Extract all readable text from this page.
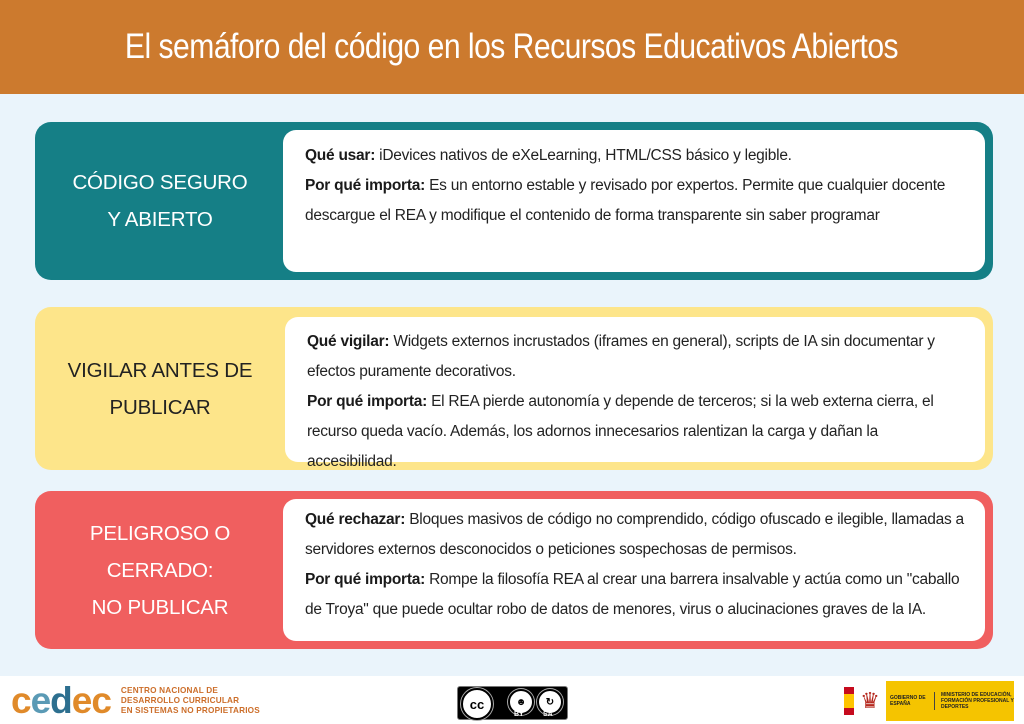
El semáforo del código en los Recursos Educativos Abiertos
CÓDIGO SEGURO
Y ABIERTO
Qué usar: iDevices nativos de eXeLearning, HTML/CSS básico y legible.
Por qué importa: Es un entorno estable y revisado por expertos. Permite que cualquier docente descargue el REA y modifique el contenido de forma transparente sin saber programar
VIGILAR ANTES DE
PUBLICAR
Qué vigilar: Widgets externos incrustados (iframes en general), scripts de IA sin documentar y efectos puramente decorativos.
Por qué importa: El REA pierde autonomía y depende de terceros; si la web externa cierra, el recurso queda vacío. Además, los adornos innecesarios ralentizan la carga y dañan la accesibilidad.
PELIGROSO O CERRADO:
NO PUBLICAR
Qué rechazar: Bloques masivos de código no comprendido, código ofuscado e ilegible, llamadas a servidores externos desconocidos o peticiones sospechosas de permisos.
Por qué importa: Rompe la filosofía REA al crear una barrera insalvable y actúa como un "caballo de Troya" que puede ocultar robo de datos de menores, virus o alucinaciones graves de la IA.
cedec CENTRO NACIONAL DE
DESARROLLO CURRICULAR
EN SISTEMAS NO PROPIETARIOS	cc	☻	↻
BY	SA
♛	GOBIERNO DE ESPAÑA
MINISTERIO DE EDUCACIÓN, FORMACIÓN PROFESIONAL Y DEPORTES
